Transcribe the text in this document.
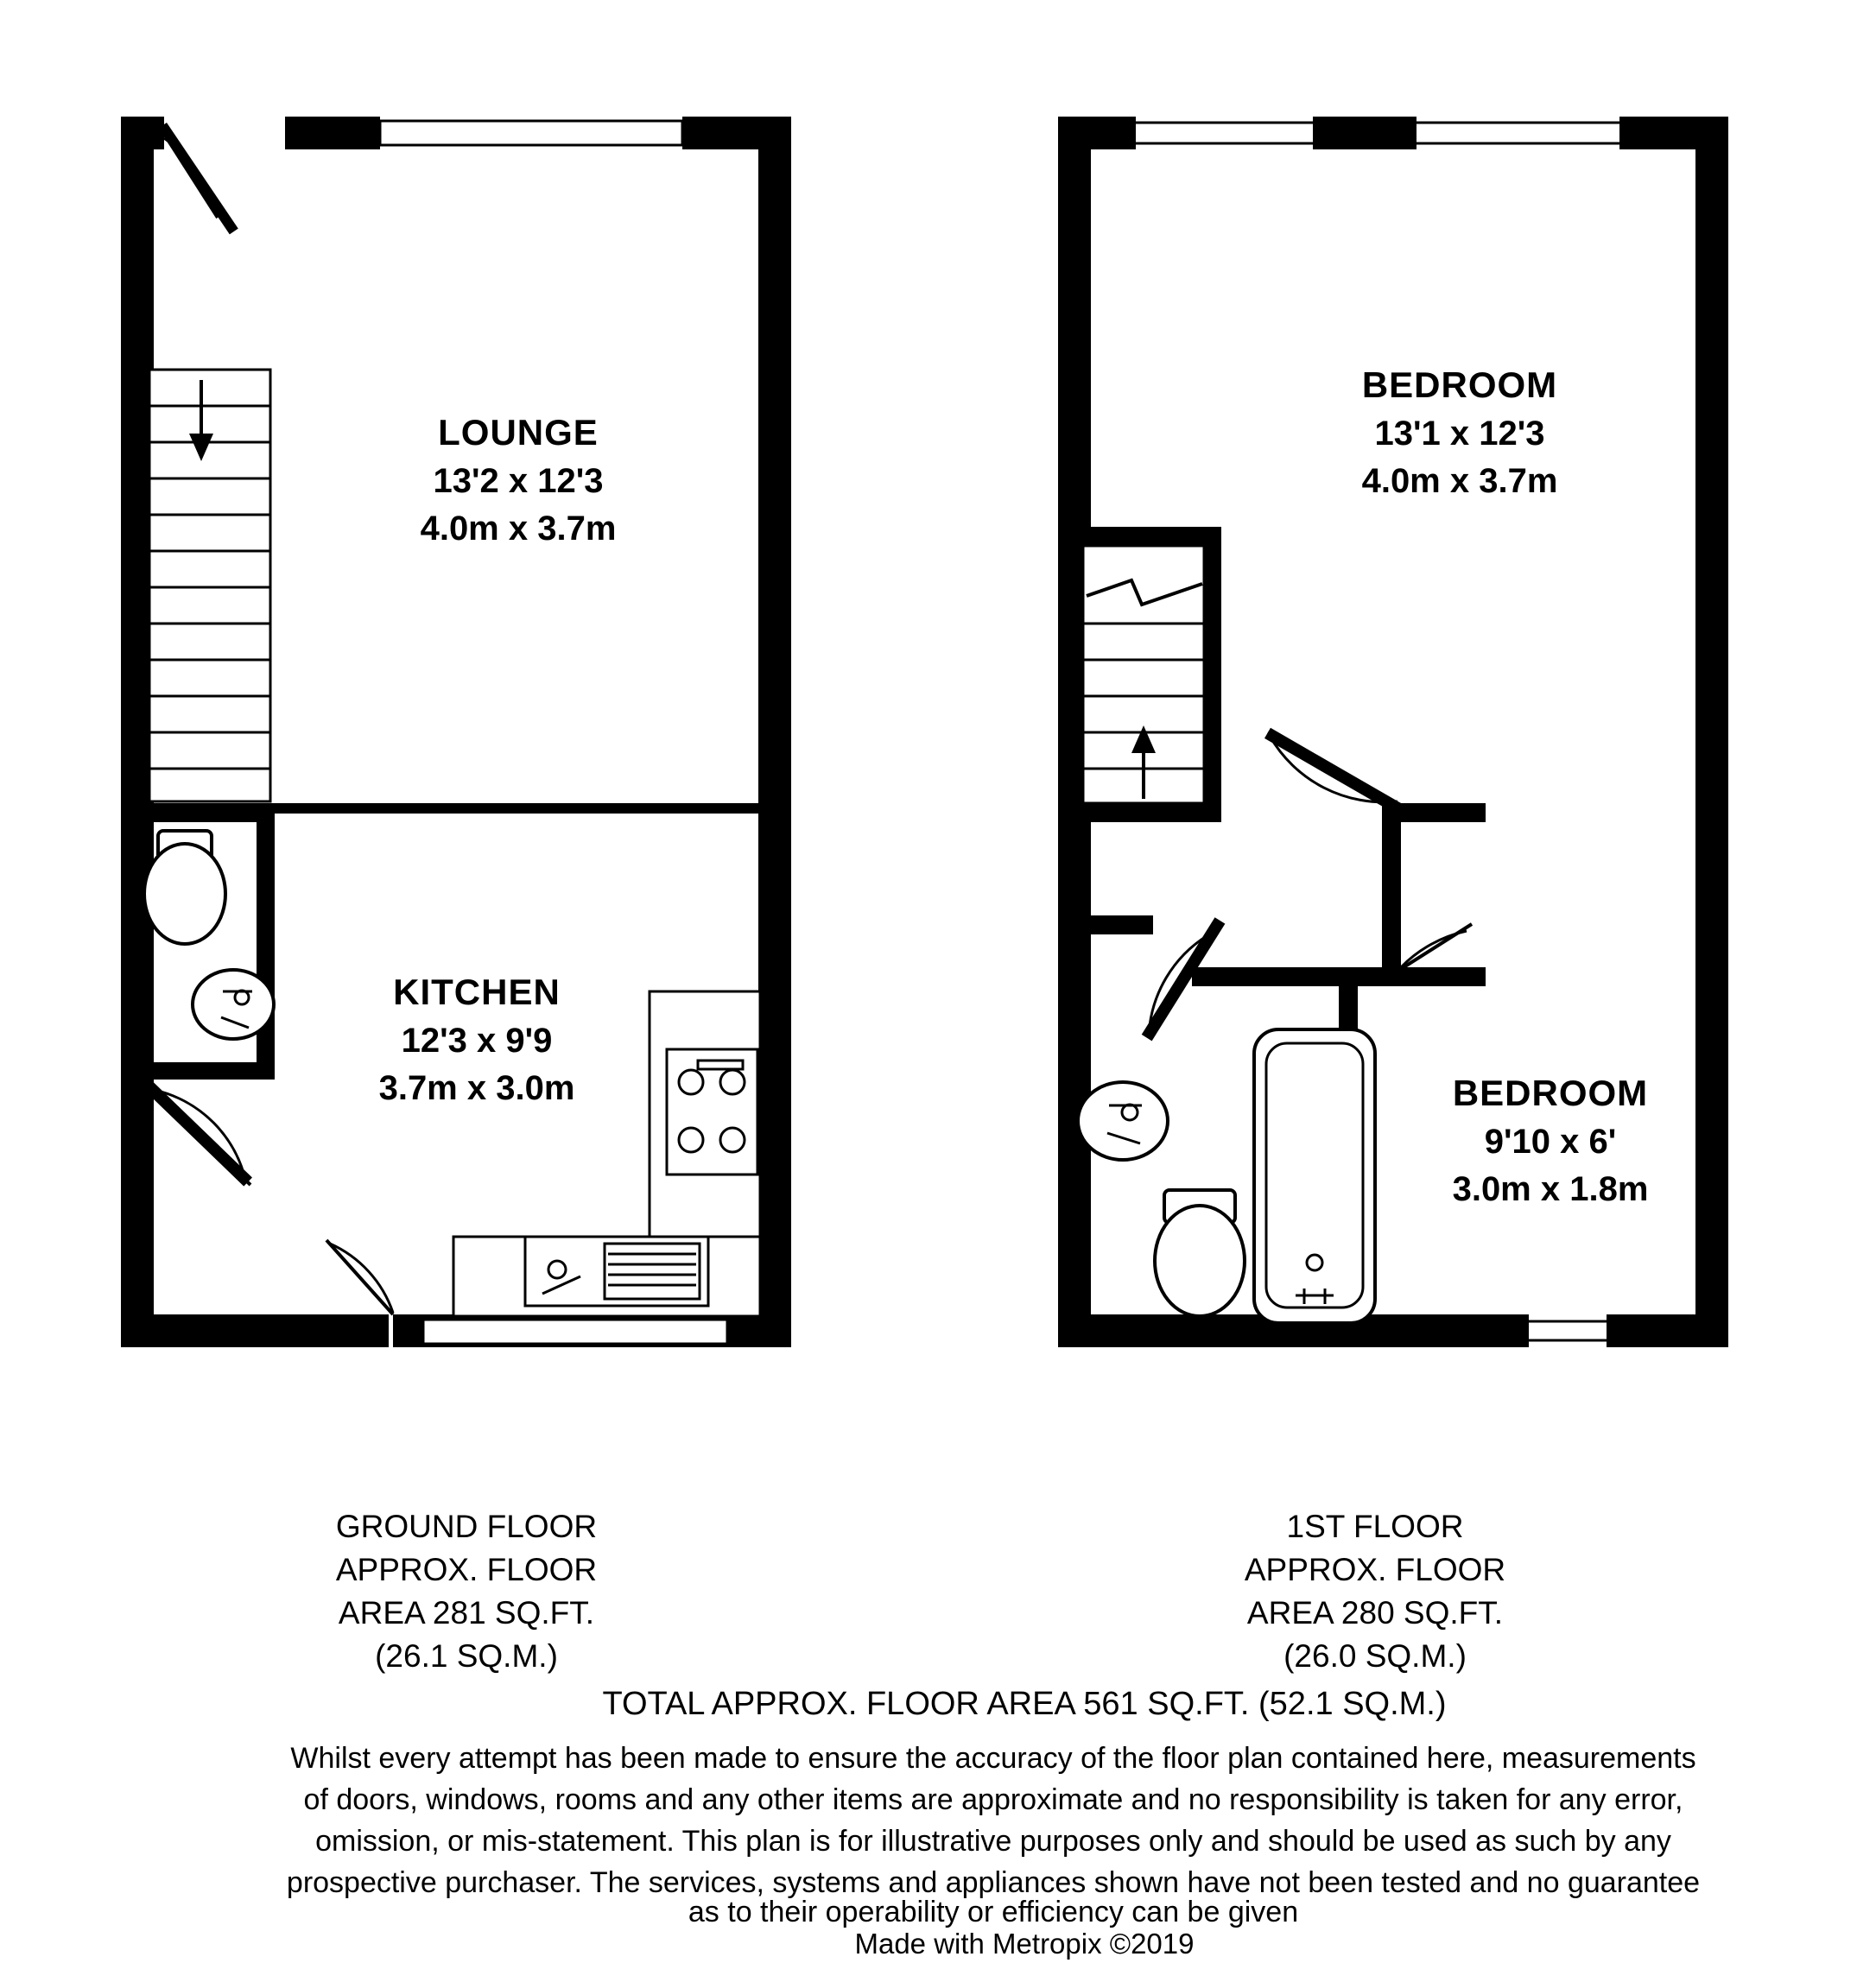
LOUNGE
13'2 x 12'3
4.0m x 3.7m
KITCHEN
12'3 x 9'9
3.7m x 3.0m
BEDROOM
13'1 x 12'3
4.0m x 3.7m
BEDROOM
9'10 x 6'
3.0m x 1.8m
GROUND FLOOR
APPROX. FLOOR
AREA 281 SQ.FT.
(26.1 SQ.M.)
1ST FLOOR
APPROX. FLOOR
AREA 280 SQ.FT.
(26.0 SQ.M.)
TOTAL APPROX. FLOOR AREA 561 SQ.FT. (52.1 SQ.M.)
Whilst every attempt has been made to ensure the accuracy of the floor plan contained here, measurements
of doors, windows, rooms and any other items are approximate and no responsibility is taken for any error,
omission, or mis-statement. This plan is for illustrative purposes only and should be used as such by any
prospective purchaser. The services, systems and appliances shown have not been tested and no guarantee
as to their operability or efficiency can be given
Made with Metropix ©2019
